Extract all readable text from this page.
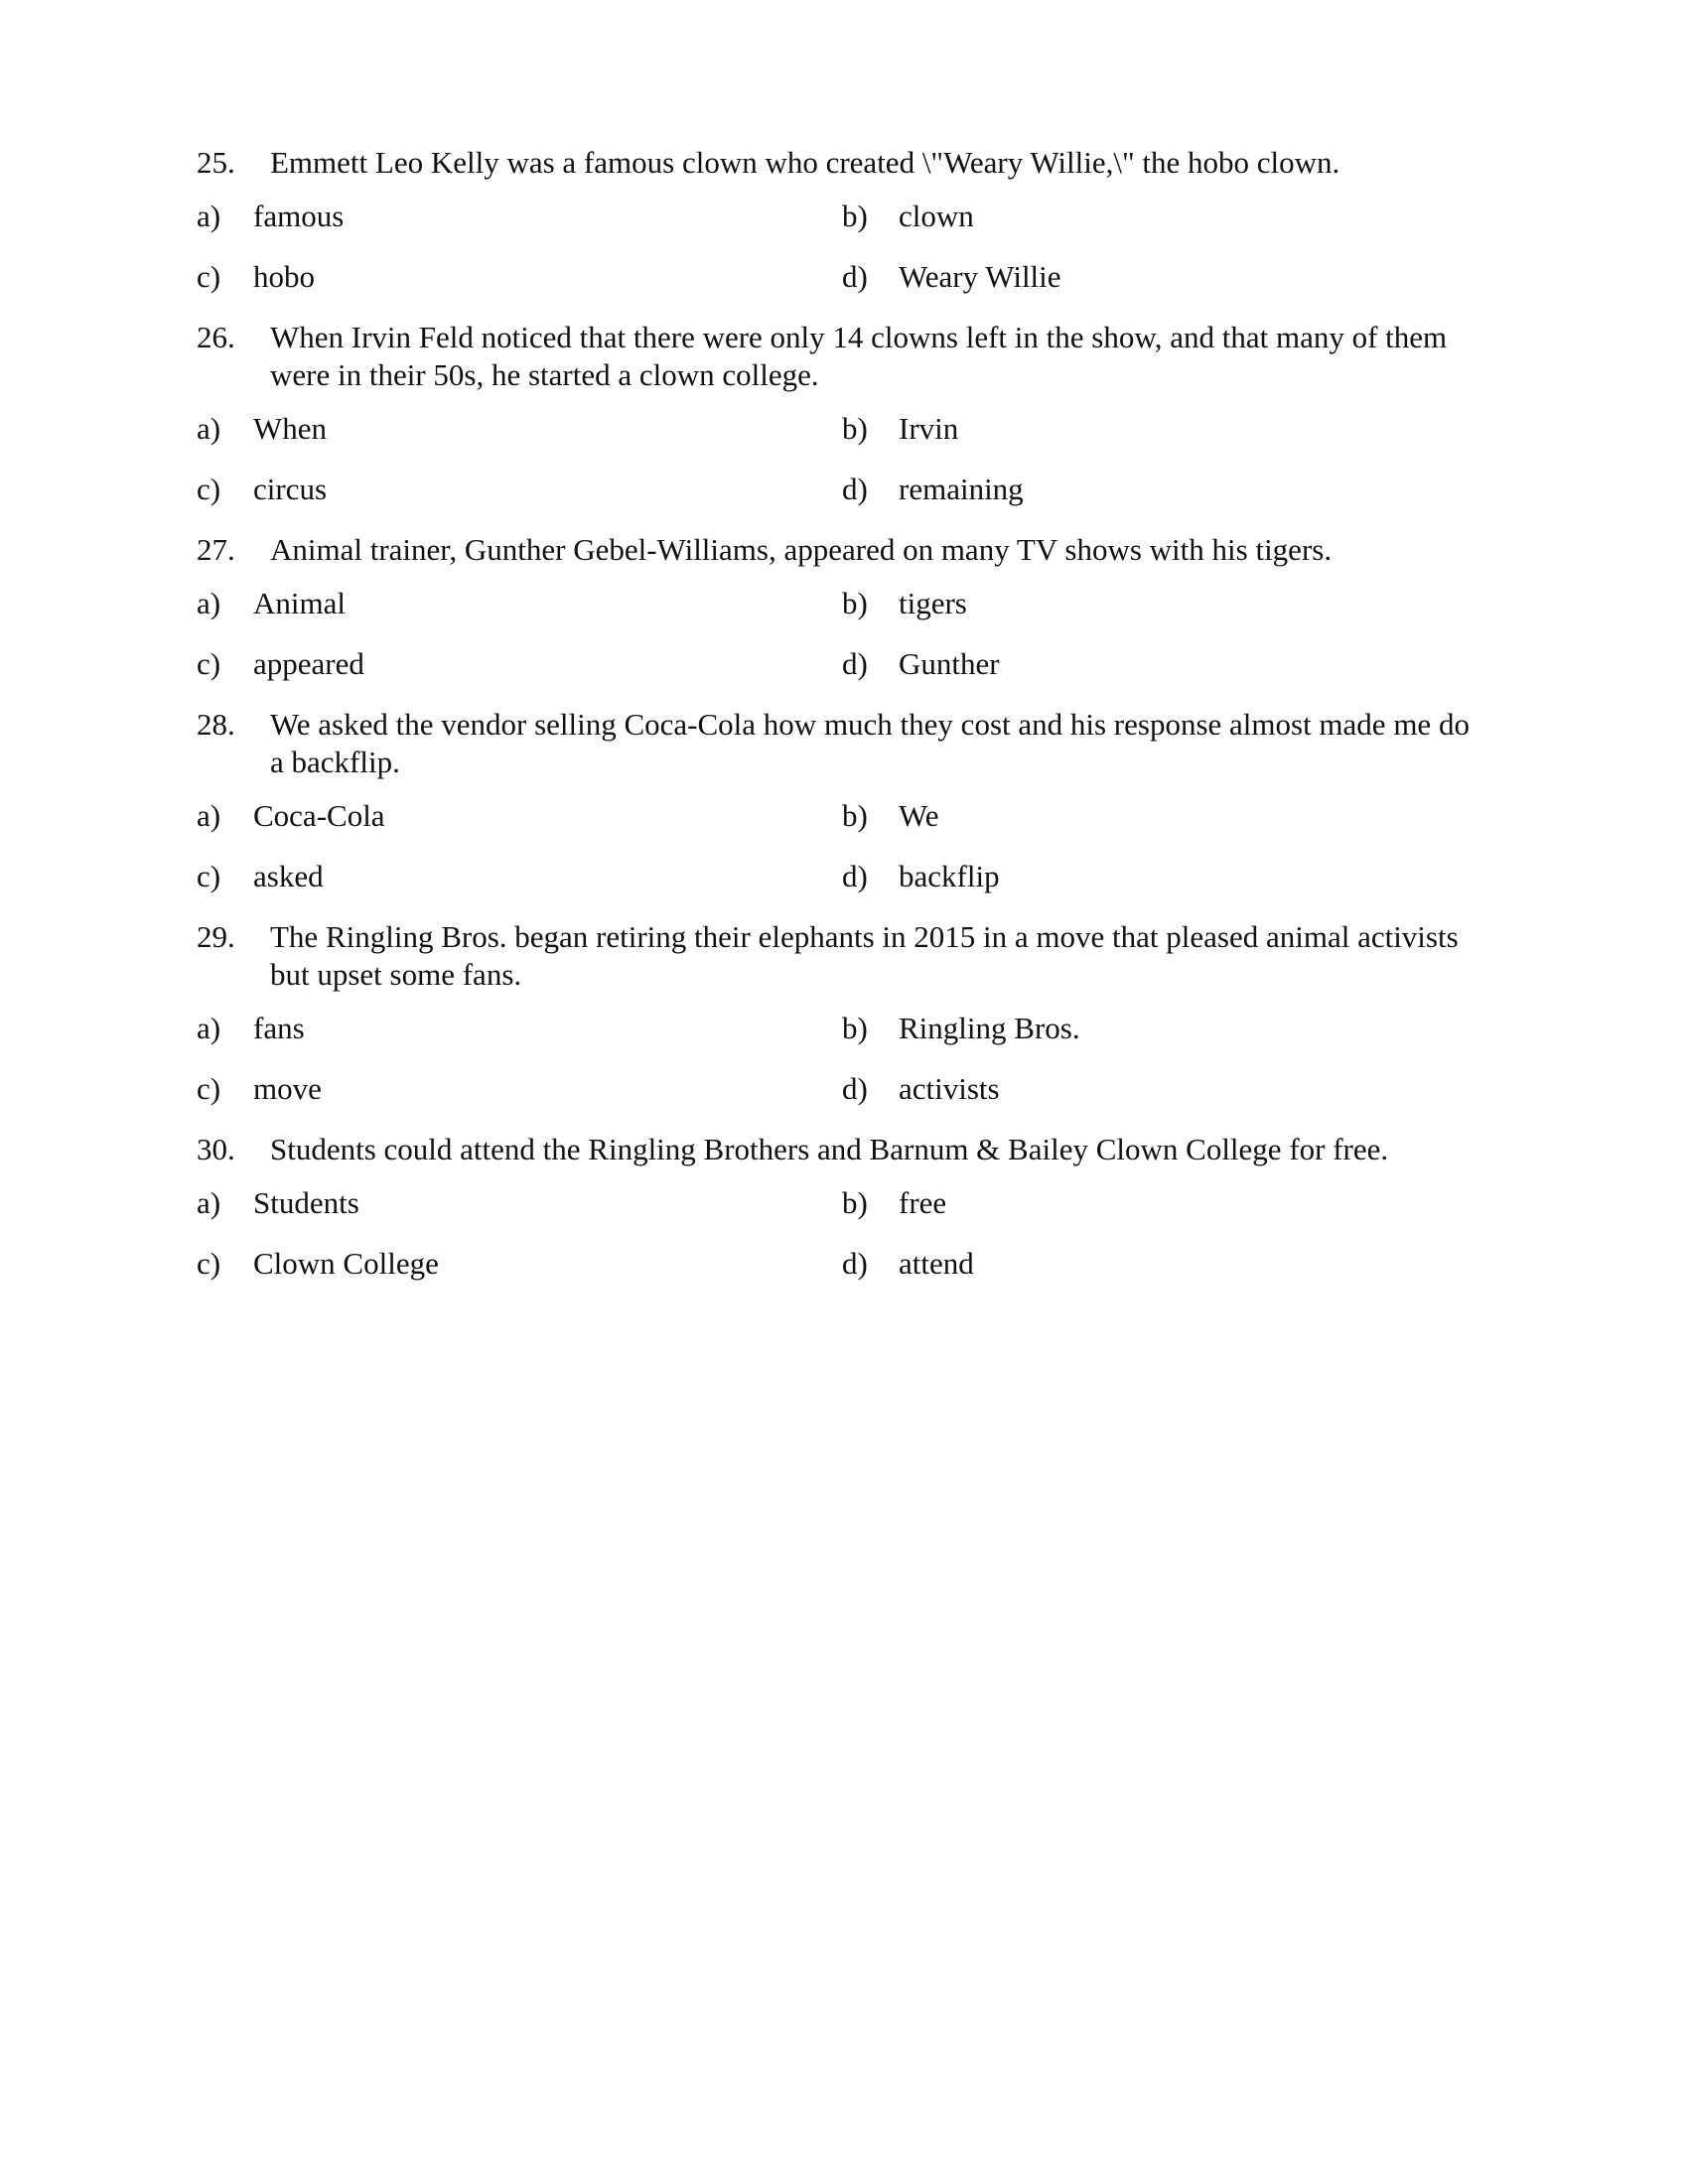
25.	Emmett Leo Kelly was a famous clown who created \"Weary Willie,\" the hobo clown.
a)	famous	b)	clown
c)	hobo	d)	Weary Willie
26.	When Irvin Feld noticed that there were only 14 clowns left in the show, and that many of them were in their 50s, he started a clown college.
a)	When	b)	Irvin
c)	circus	d)	remaining
27.	Animal trainer, Gunther Gebel-Williams, appeared on many TV shows with his tigers.
a)	Animal	b)	tigers
c)	appeared	d)	Gunther
28.	We asked the vendor selling Coca-Cola how much they cost and his response almost made me do a backflip.
a)	Coca-Cola	b)	We
c)	asked	d)	backflip
29.	The Ringling Bros. began retiring their elephants in 2015 in a move that pleased animal activists but upset some fans.
a)	fans	b)	Ringling Bros.
c)	move	d)	activists
30.	Students could attend the Ringling Brothers and Barnum & Bailey Clown College for free.
a)	Students	b)	free
c)	Clown College	d)	attend
